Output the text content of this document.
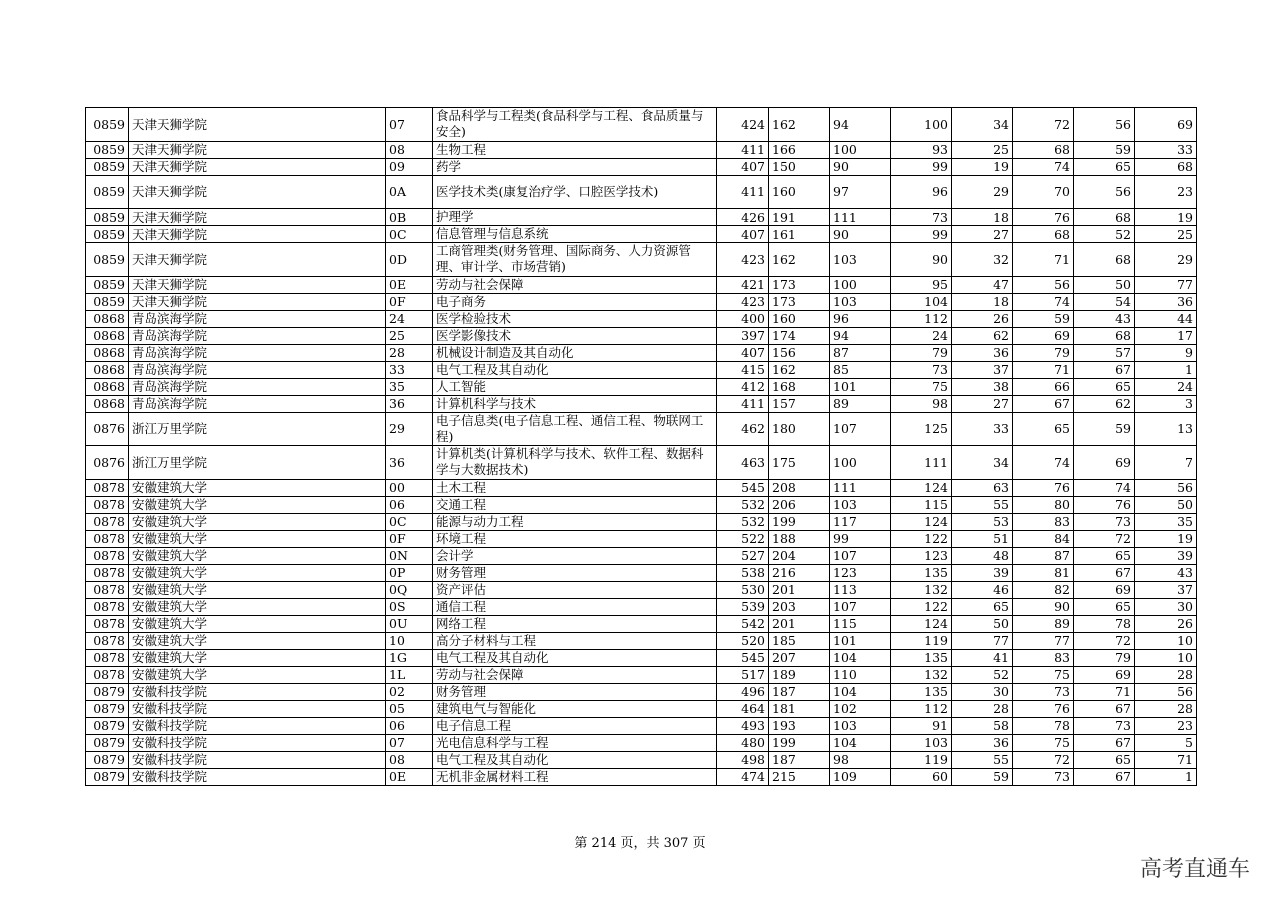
0859	天津天狮学院	07	食品科学与工程类(食品科学与工程、食品质量与安全)	424	162	94	100	34	72	56	69
0859	天津天狮学院	08	生物工程	411	166	100	93	25	68	59	33
0859	天津天狮学院	09	药学	407	150	90	99	19	74	65	68
0859	天津天狮学院	0A	医学技术类(康复治疗学、口腔医学技术)	411	160	97	96	29	70	56	23
0859	天津天狮学院	0B	护理学	426	191	111	73	18	76	68	19
0859	天津天狮学院	0C	信息管理与信息系统	407	161	90	99	27	68	52	25
0859	天津天狮学院	0D	工商管理类(财务管理、国际商务、人力资源管理、审计学、市场营销)	423	162	103	90	32	71	68	29
0859	天津天狮学院	0E	劳动与社会保障	421	173	100	95	47	56	50	77
0859	天津天狮学院	0F	电子商务	423	173	103	104	18	74	54	36
0868	青岛滨海学院	24	医学检验技术	400	160	96	112	26	59	43	44
0868	青岛滨海学院	25	医学影像技术	397	174	94	24	62	69	68	17
0868	青岛滨海学院	28	机械设计制造及其自动化	407	156	87	79	36	79	57	9
0868	青岛滨海学院	33	电气工程及其自动化	415	162	85	73	37	71	67	1
0868	青岛滨海学院	35	人工智能	412	168	101	75	38	66	65	24
0868	青岛滨海学院	36	计算机科学与技术	411	157	89	98	27	67	62	3
0876	浙江万里学院	29	电子信息类(电子信息工程、通信工程、物联网工程)	462	180	107	125	33	65	59	13
0876	浙江万里学院	36	计算机类(计算机科学与技术、软件工程、数据科学与大数据技术)	463	175	100	111	34	74	69	7
0878	安徽建筑大学	00	土木工程	545	208	111	124	63	76	74	56
0878	安徽建筑大学	06	交通工程	532	206	103	115	55	80	76	50
0878	安徽建筑大学	0C	能源与动力工程	532	199	117	124	53	83	73	35
0878	安徽建筑大学	0F	环境工程	522	188	99	122	51	84	72	19
0878	安徽建筑大学	0N	会计学	527	204	107	123	48	87	65	39
0878	安徽建筑大学	0P	财务管理	538	216	123	135	39	81	67	43
0878	安徽建筑大学	0Q	资产评估	530	201	113	132	46	82	69	37
0878	安徽建筑大学	0S	通信工程	539	203	107	122	65	90	65	30
0878	安徽建筑大学	0U	网络工程	542	201	115	124	50	89	78	26
0878	安徽建筑大学	10	高分子材料与工程	520	185	101	119	77	77	72	10
0878	安徽建筑大学	1G	电气工程及其自动化	545	207	104	135	41	83	79	10
0878	安徽建筑大学	1L	劳动与社会保障	517	189	110	132	52	75	69	28
0879	安徽科技学院	02	财务管理	496	187	104	135	30	73	71	56
0879	安徽科技学院	05	建筑电气与智能化	464	181	102	112	28	76	67	28
0879	安徽科技学院	06	电子信息工程	493	193	103	91	58	78	73	23
0879	安徽科技学院	07	光电信息科学与工程	480	199	104	103	36	75	67	5
0879	安徽科技学院	08	电气工程及其自动化	498	187	98	119	55	72	65	71
0879	安徽科技学院	0E	无机非金属材料工程	474	215	109	60	59	73	67	1
第 214 页，共 307 页
高考直通车
